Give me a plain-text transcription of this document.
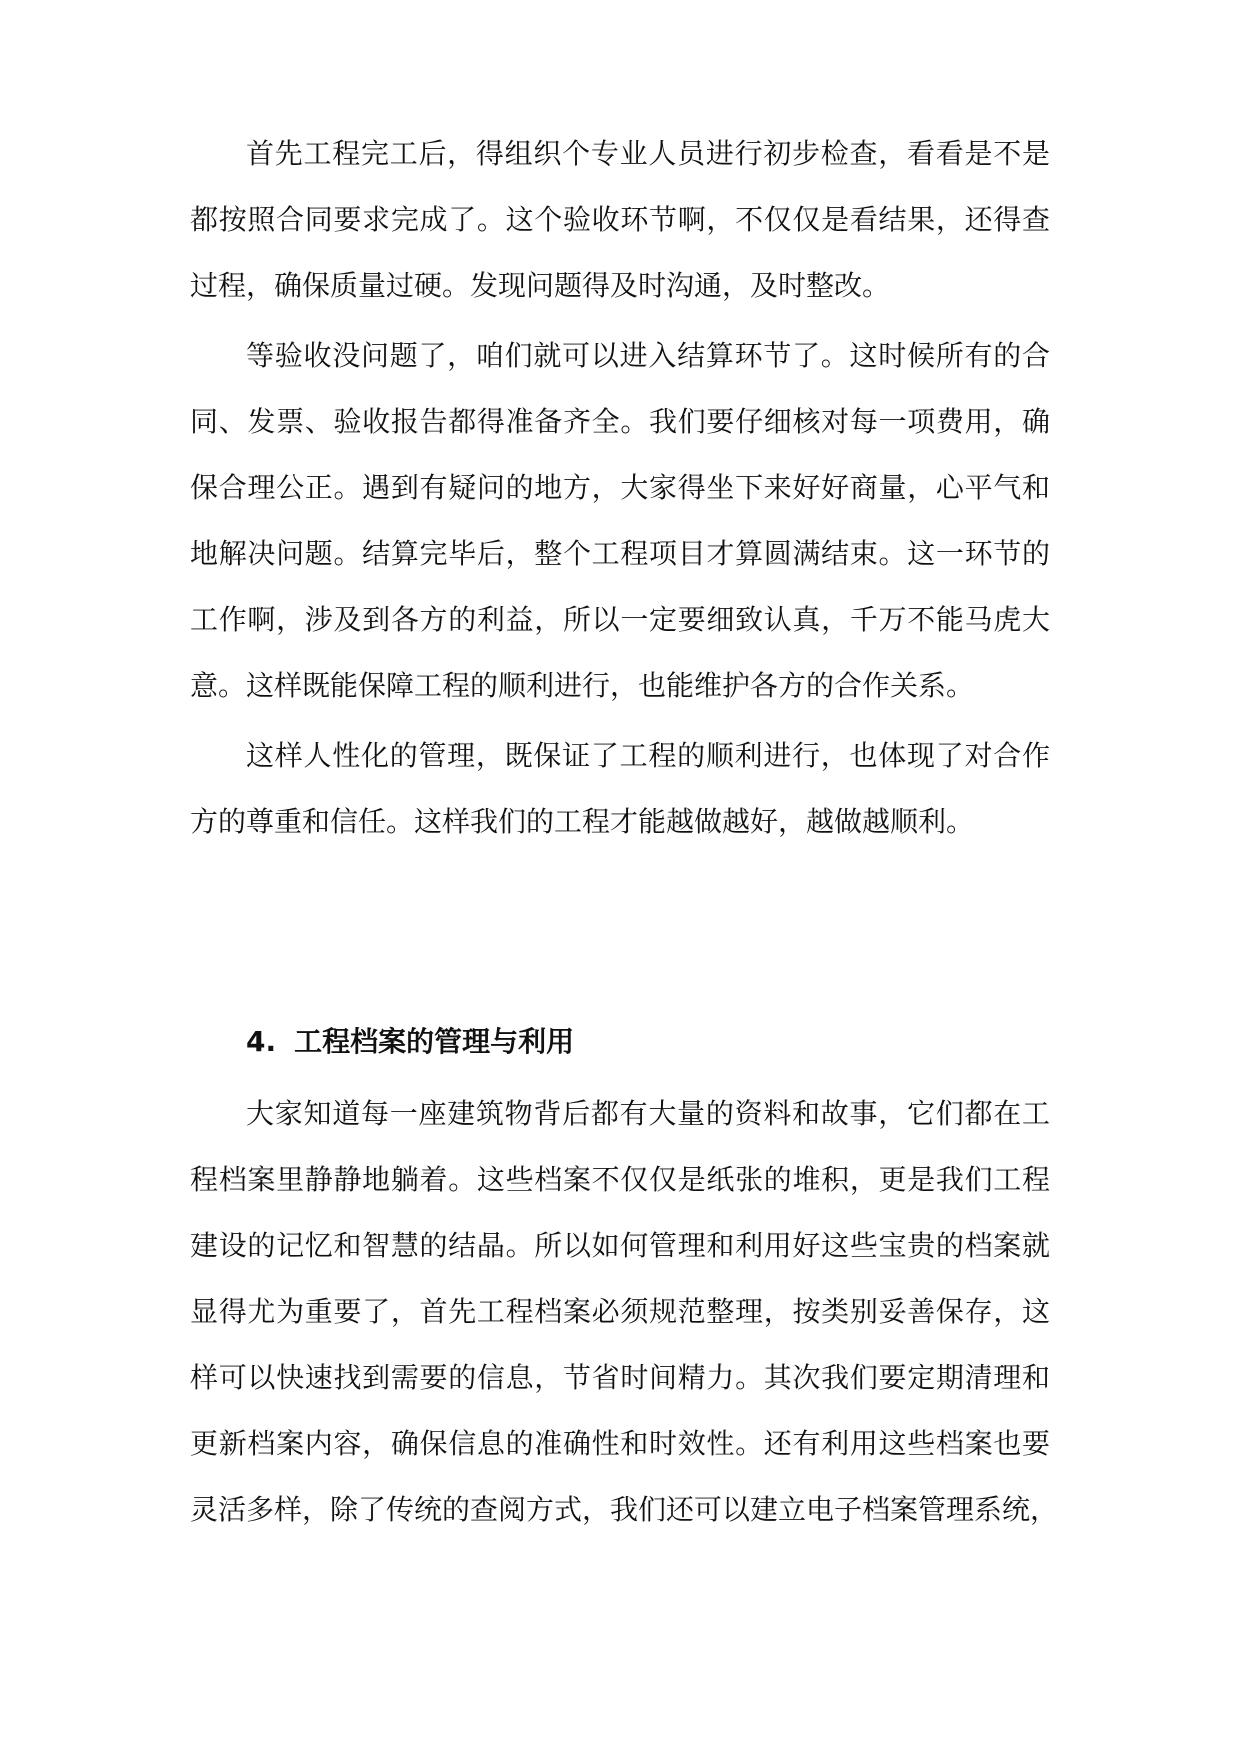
首先工程完工后，得组织个专业人员进行初步检查，看看是不是
都按照合同要求完成了。这个验收环节啊，不仅仅是看结果，还得查
过程，确保质量过硬。发现问题得及时沟通，及时整改。
等验收没问题了，咱们就可以进入结算环节了。这时候所有的合
同、发票、验收报告都得准备齐全。我们要仔细核对每一项费用，确
保合理公正。遇到有疑问的地方，大家得坐下来好好商量，心平气和
地解决问题。结算完毕后，整个工程项目才算圆满结束。这一环节的
工作啊，涉及到各方的利益，所以一定要细致认真，千万不能马虎大
意。这样既能保障工程的顺利进行，也能维护各方的合作关系。
这样人性化的管理，既保证了工程的顺利进行，也体现了对合作
方的尊重和信任。这样我们的工程才能越做越好，越做越顺利。
4. 工程档案的管理与利用
大家知道每一座建筑物背后都有大量的资料和故事，它们都在工
程档案里静静地躺着。这些档案不仅仅是纸张的堆积，更是我们工程
建设的记忆和智慧的结晶。所以如何管理和利用好这些宝贵的档案就
显得尤为重要了，首先工程档案必须规范整理，按类别妥善保存，这
样可以快速找到需要的信息，节省时间精力。其次我们要定期清理和
更新档案内容，确保信息的准确性和时效性。还有利用这些档案也要
灵活多样，除了传统的查阅方式，我们还可以建立电子档案管理系统，
